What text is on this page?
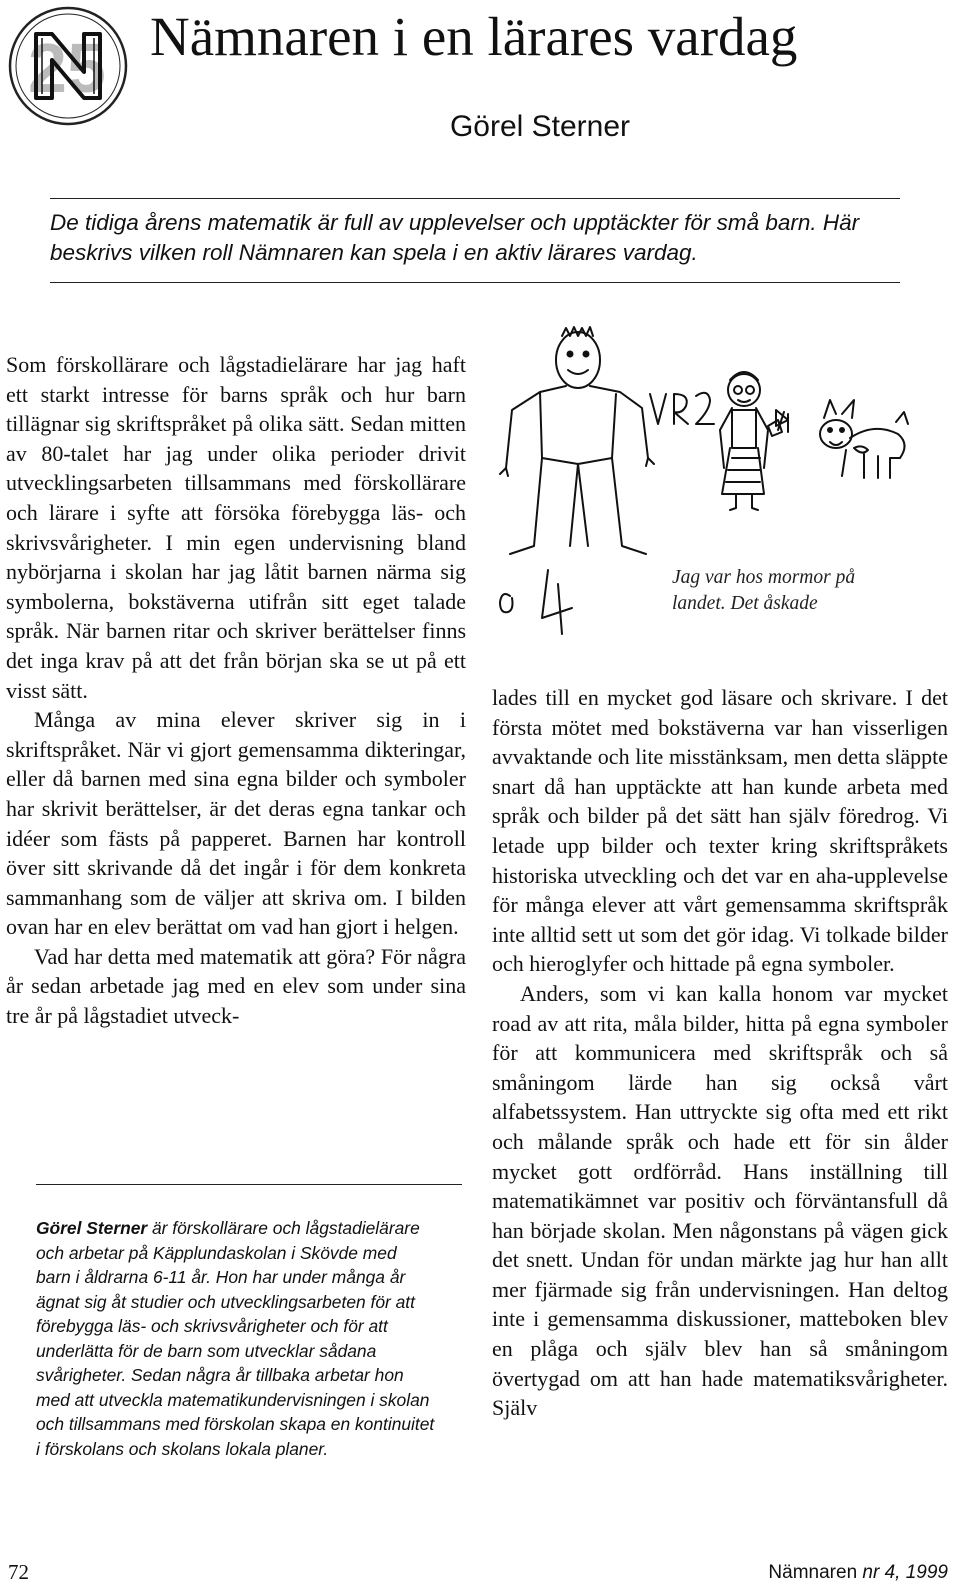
25 Nämnaren i en lärares vardag
Görel Sterner

De tidiga årens matematik är full av upplevelser och upptäckter för små barn. Här beskrivs vilken roll Nämnaren kan spela i en aktiv lärares vardag.

Som förskollärare och lågstadielärare har jag haft ett starkt intresse för barns språk och hur barn tillägnar sig skriftspråket på olika sätt. Sedan mitten av 80-talet har jag under olika perioder drivit utvecklingsarbeten tillsammans med förskollärare och lärare i syfte att försöka förebygga läs- och skrivsvårigheter. I min egen undervisning bland nybörjarna i skolan har jag låtit barnen närma sig symbolerna, bokstäverna utifrån sitt eget talade språk. När barnen ritar och skriver berättelser finns det inga krav på att det från början ska se ut på ett visst sätt.

Många av mina elever skriver sig in i skriftspråket. När vi gjort gemensamma dikteringar, eller då barnen med sina egna bilder och symboler har skrivit berättelser, är det deras egna tankar och idéer som fästs på papperet. Barnen har kontroll över sitt skrivande då det ingår i för dem konkreta sammanhang som de väljer att skriva om. I bilden ovan har en elev berättat om vad han gjort i helgen.

Vad har detta med matematik att göra? För några år sedan arbetade jag med en elev som under sina tre år på lågstadiet utveck-

Jag var hos mormor på landet. Det åskade

lades till en mycket god läsare och skrivare. I det första mötet med bokstäverna var han visserligen avvaktande och lite misstänksam, men detta släppte snart då han upptäckte att han kunde arbeta med språk och bilder på det sätt han själv föredrog. Vi letade upp bilder och texter kring skriftspråkets historiska utveckling och det var en aha-upplevelse för många elever att vårt gemensamma skriftspråk inte alltid sett ut som det gör idag. Vi tolkade bilder och hieroglyfer och hittade på egna symboler.

Anders, som vi kan kalla honom var mycket road av att rita, måla bilder, hitta på egna symboler för att kommunicera med skriftspråk och så småningom lärde han sig också vårt alfabetssystem. Han uttryckte sig ofta med ett rikt och målande språk och hade ett för sin ålder mycket gott ordförråd. Hans inställning till matematikämnet var positiv och förväntansfull då han började skolan. Men någonstans på vägen gick det snett. Undan för undan märkte jag hur han allt mer fjärmade sig från undervisningen. Han deltog inte i gemensamma diskussioner, matteboken blev en plåga och själv blev han så småningom övertygad om att han hade matematiksvårigheter. Själv

Görel Sterner är förskollärare och lågstadielärare och arbetar på Käpplundaskolan i Skövde med barn i åldrarna 6-11 år. Hon har under många år ägnat sig åt studier och utvecklingsarbeten för att förebygga läs- och skrivsvårigheter och för att underlätta för de barn som utvecklar sådana svårigheter. Sedan några år tillbaka arbetar hon med att utveckla matematikundervisningen i skolan och tillsammans med förskolan skapa en kontinuitet i förskolans och skolans lokala planer.

72	Nämnaren nr 4, 1999
